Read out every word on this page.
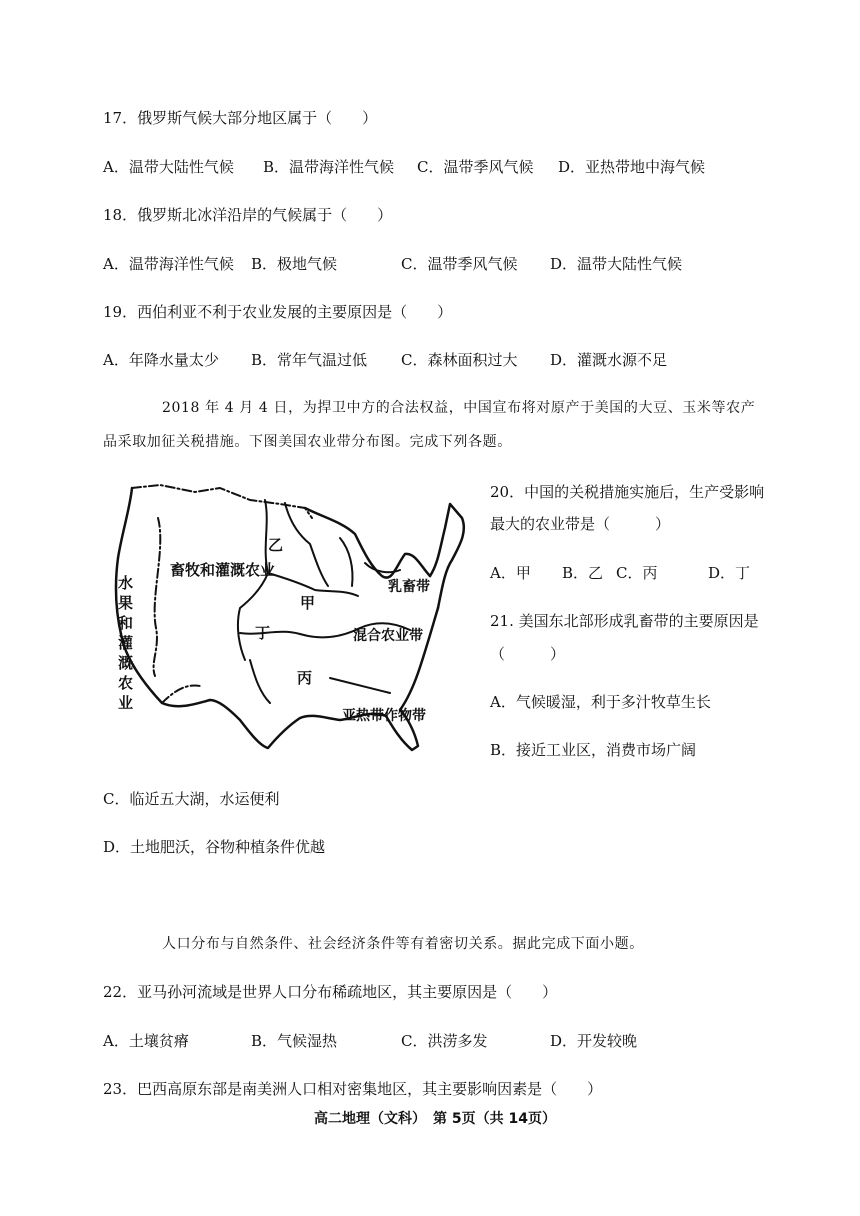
17．俄罗斯气候大部分地区属于（　　）
A．温带大陆性气候 B．温带海洋性气候 C．温带季风气候 D．亚热带地中海气候
18．俄罗斯北冰洋沿岸的气候属于（　　）
A．温带海洋性气候 B．极地气候	C．温带季风气候 D．温带大陆性气候
19．西伯利亚不利于农业发展的主要原因是（　　）
A．年降水量太少 B．常年气温过低 C．森林面积过大 D．灌溉水源不足
2018 年 4 月 4 日，为捍卫中方的合法权益，中国宣布将对原产于美国的大豆、玉米等农产
品采取加征关税措施。下图美国农业带分布图。完成下列各题。
畜牧和灌溉农业
水
果
和
灌
溉
农
业
乙
甲
丁
丙
乳畜带
混合农业带
亚热带作物带
20．中国的关税措施实施后，生产受影响
最大的农业带是（　　　）
A．甲 B．乙 C．丙	D．丁
21. 美国东北部形成乳畜带的主要原因是
（　　　）
A．气候暖湿，利于多汁牧草生长
B．接近工业区，消费市场广阔
C．临近五大湖，水运便利
D．土地肥沃，谷物种植条件优越
人口分布与自然条件、社会经济条件等有着密切关系。据此完成下面小题。
22．亚马孙河流域是世界人口分布稀疏地区，其主要原因是（　　）
A．土壤贫瘠	B．气候湿热	C．洪涝多发	D．开发较晚
23．巴西高原东部是南美洲人口相对密集地区，其主要影响因素是（　　）
高二地理（文科）　第 5页（共 14页）
